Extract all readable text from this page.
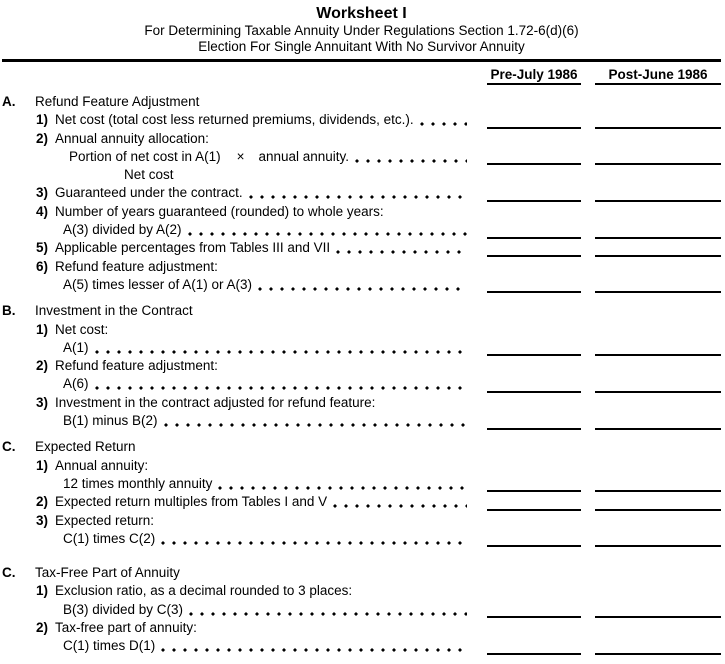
Worksheet I
For Determining Taxable Annuity Under Regulations Section 1.72-6(d)(6)
Election For Single Annuitant With No Survivor Annuity
Pre-July 1986	Post-June 1986
A.	Refund Feature Adjustment
1) Net cost (total cost less returned premiums, dividends, etc.).
2) Annual annuity allocation:
Portion of net cost in A(1) × annual annuity.
Net cost
3) Guaranteed under the contract.
4) Number of years guaranteed (rounded) to whole years:
A(3) divided by A(2)
5) Applicable percentages from Tables III and VII
6) Refund feature adjustment:
A(5) times lesser of A(1) or A(3)
B.	Investment in the Contract
1) Net cost:
A(1)
2) Refund feature adjustment:
A(6)
3) Investment in the contract adjusted for refund feature:
B(1) minus B(2)
C.	Expected Return
1) Annual annuity:
12 times monthly annuity
2) Expected return multiples from Tables I and V
3) Expected return:
C(1) times C(2)
C.	Tax-Free Part of Annuity
1) Exclusion ratio, as a decimal rounded to 3 places:
B(3) divided by C(3)
2) Tax-free part of annuity:
C(1) times D(1)
